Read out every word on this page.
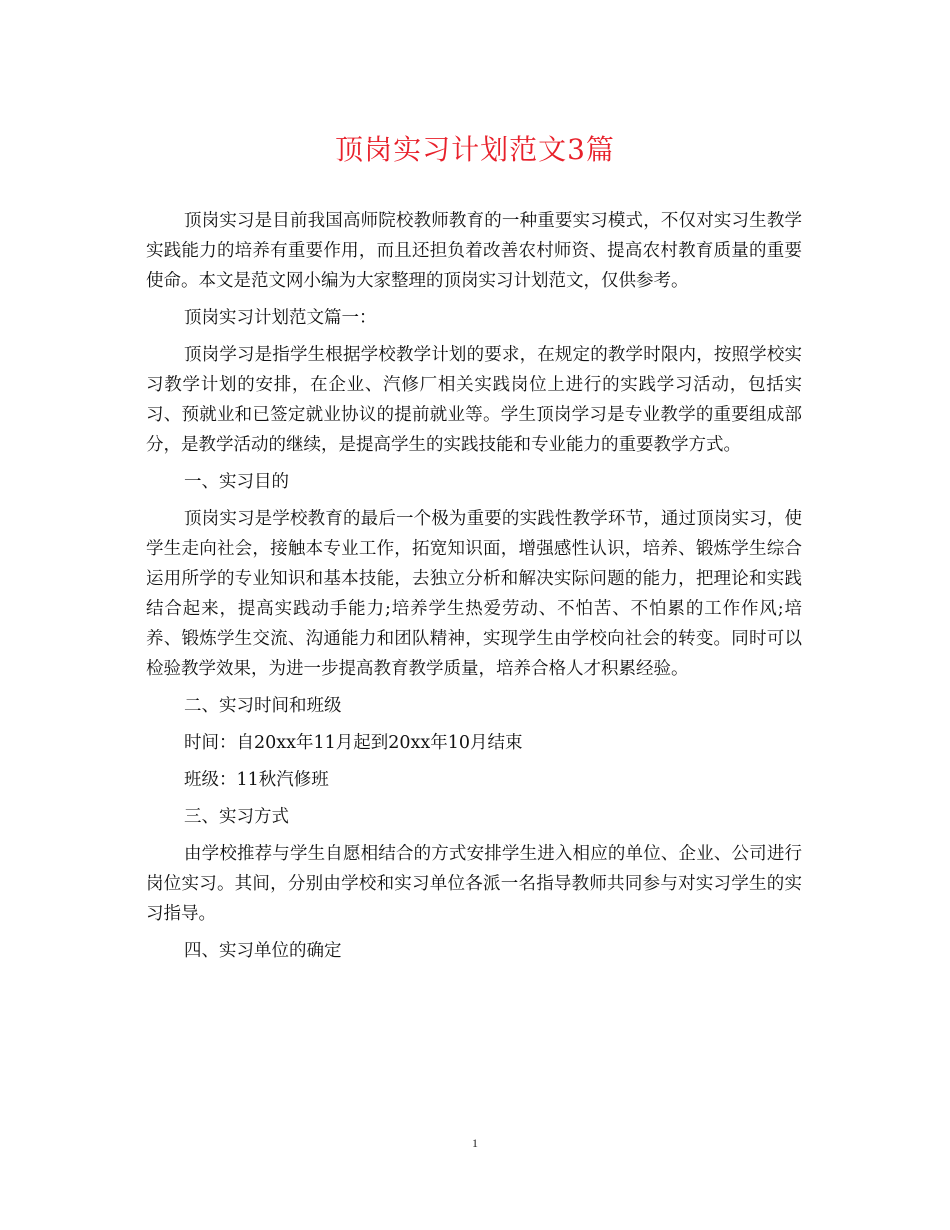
顶岗实习计划范文3篇

顶岗实习是目前我国高师院校教师教育的一种重要实习模式，不仅对实习生教学实践能力的培养有重要作用，而且还担负着改善农村师资、提高农村教育质量的重要使命。本文是范文网小编为大家整理的顶岗实习计划范文，仅供参考。

顶岗实习计划范文篇一：

顶岗学习是指学生根据学校教学计划的要求，在规定的教学时限内，按照学校实习教学计划的安排，在企业、汽修厂相关实践岗位上进行的实践学习活动，包括实习、预就业和已签定就业协议的提前就业等。学生顶岗学习是专业教学的重要组成部分，是教学活动的继续，是提高学生的实践技能和专业能力的重要教学方式。

一、实习目的

顶岗实习是学校教育的最后一个极为重要的实践性教学环节，通过顶岗实习，使学生走向社会，接触本专业工作，拓宽知识面，增强感性认识，培养、锻炼学生综合运用所学的专业知识和基本技能，去独立分析和解决实际问题的能力，把理论和实践结合起来，提高实践动手能力;培养学生热爱劳动、不怕苦、不怕累的工作作风;培养、锻炼学生交流、沟通能力和团队精神，实现学生由学校向社会的转变。同时可以检验教学效果，为进一步提高教育教学质量，培养合格人才积累经验。

二、实习时间和班级

时间：自20xx年11月起到20xx年10月结束

班级：11秋汽修班

三、实习方式

由学校推荐与学生自愿相结合的方式安排学生进入相应的单位、企业、公司进行岗位实习。其间，分别由学校和实习单位各派一名指导教师共同参与对实习学生的实习指导。

四、实习单位的确定

1
